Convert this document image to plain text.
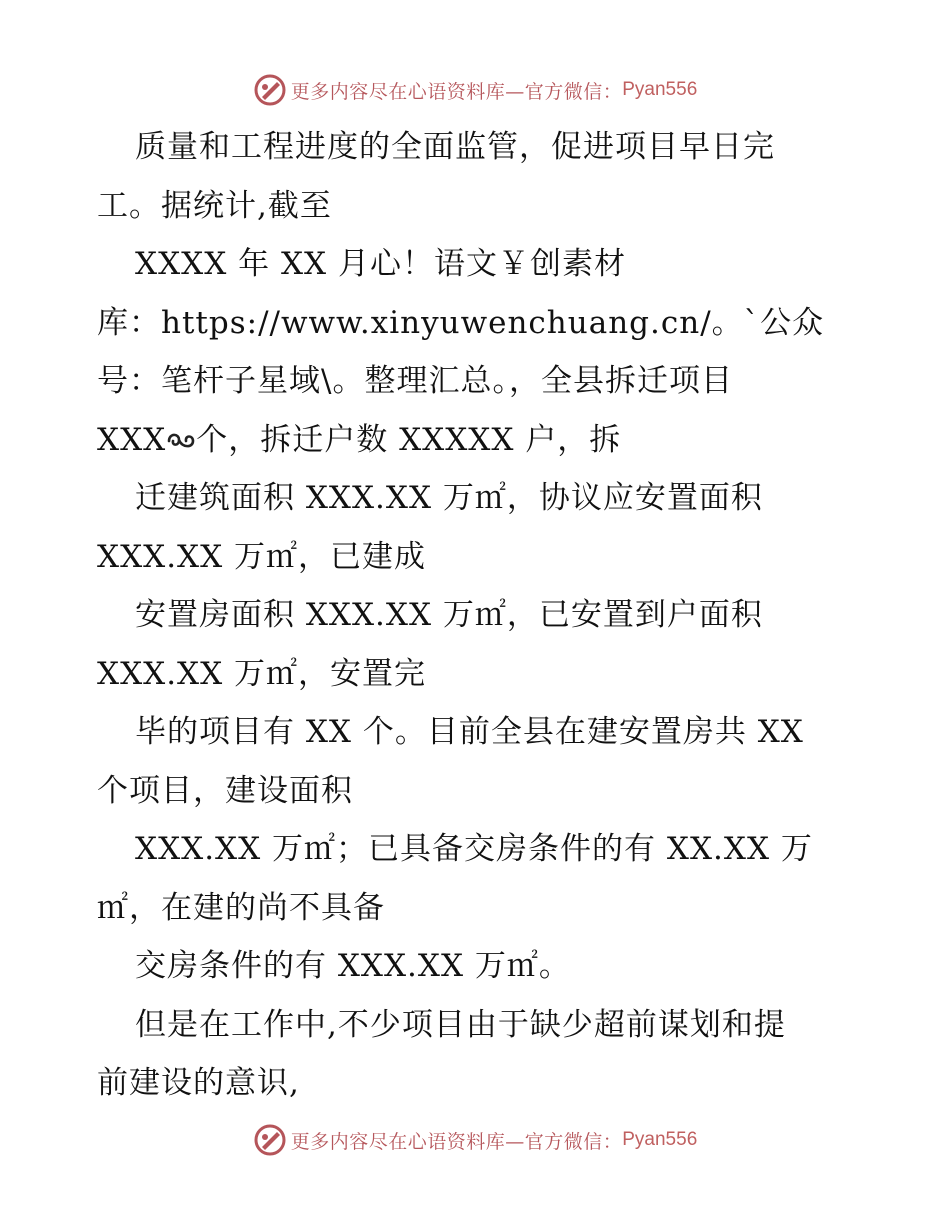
更多内容尽在心语资料库—官方微信： Pyan556
质量和工程进度的全面监管，促进项目早日完
工。据统计,截至
XXXX 年 XX 月心！语文￥创素材
库：https://www.xinyuwenchuang.cn/。`公众
号：笔杆子星域\。整理汇总。，全县拆迁项目
XXX 个，拆迁户数 XXXXX 户，拆
迁建筑面积 XXX.XX 万㎡，协议应安置面积
XXX.XX 万㎡，已建成
安置房面积 XXX.XX 万㎡，已安置到户面积
XXX.XX 万㎡，安置完
毕的项目有 XX 个。目前全县在建安置房共 XX
个项目，建设面积
XXX.XX 万㎡；已具备交房条件的有 XX.XX 万
㎡，在建的尚不具备
交房条件的有 XXX.XX 万㎡。
但是在工作中,不少项目由于缺少超前谋划和提
前建设的意识,
更多内容尽在心语资料库—官方微信： Pyan556
